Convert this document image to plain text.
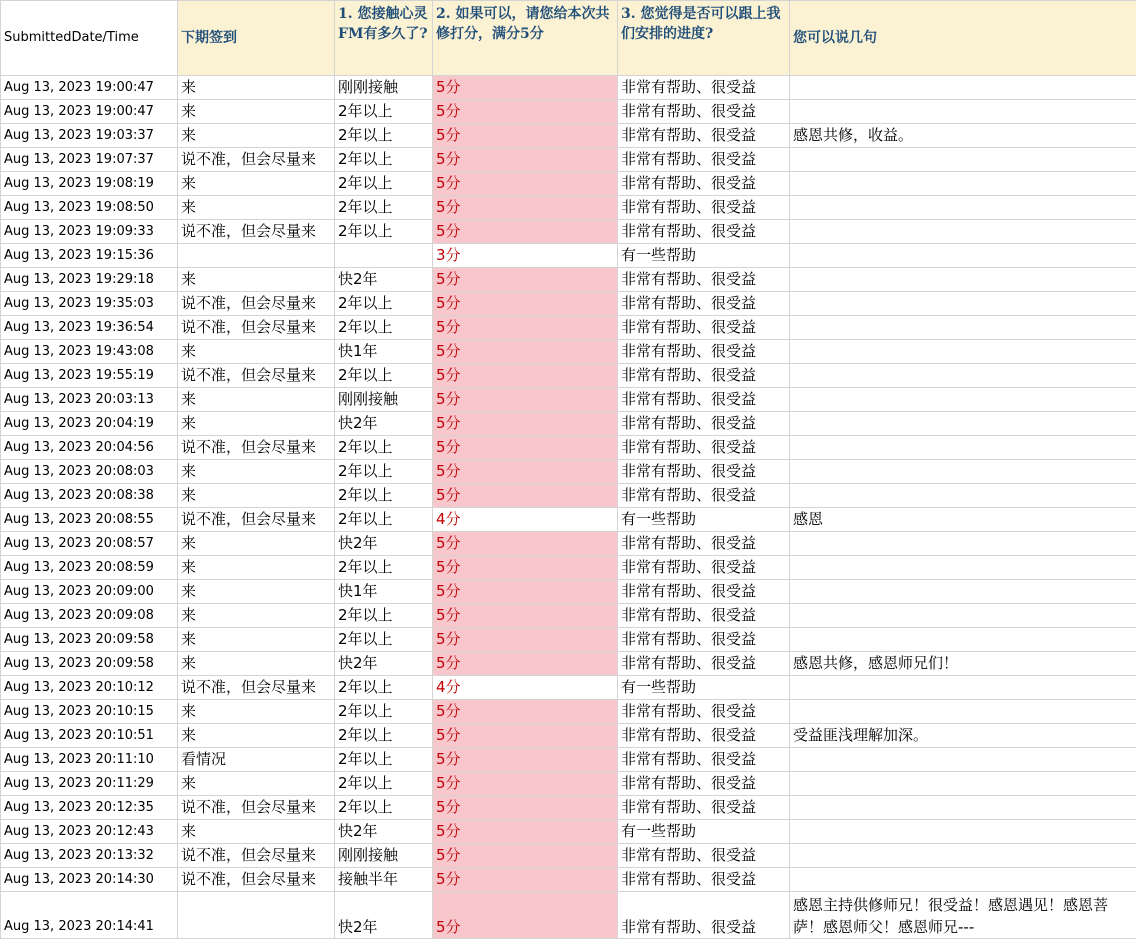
SubmittedDate/Time	下期签到	1. 您接触心灵FM有多久了?	2. 如果可以，请您给本次共修打分，满分5分	3. 您觉得是否可以跟上我们安排的进度?	您可以说几句
Aug 13, 2023 19:00:47	来	刚刚接触	5分	非常有帮助、很受益	
Aug 13, 2023 19:00:47	来	2年以上	5分	非常有帮助、很受益	
Aug 13, 2023 19:03:37	来	2年以上	5分	非常有帮助、很受益	感恩共修，收益。
Aug 13, 2023 19:07:37	说不准，但会尽量来	2年以上	5分	非常有帮助、很受益	
Aug 13, 2023 19:08:19	来	2年以上	5分	非常有帮助、很受益	
Aug 13, 2023 19:08:50	来	2年以上	5分	非常有帮助、很受益	
Aug 13, 2023 19:09:33	说不准，但会尽量来	2年以上	5分	非常有帮助、很受益	
Aug 13, 2023 19:15:36			3分	有一些帮助	
Aug 13, 2023 19:29:18	来	快2年	5分	非常有帮助、很受益	
Aug 13, 2023 19:35:03	说不准，但会尽量来	2年以上	5分	非常有帮助、很受益	
Aug 13, 2023 19:36:54	说不准，但会尽量来	2年以上	5分	非常有帮助、很受益	
Aug 13, 2023 19:43:08	来	快1年	5分	非常有帮助、很受益	
Aug 13, 2023 19:55:19	说不准，但会尽量来	2年以上	5分	非常有帮助、很受益	
Aug 13, 2023 20:03:13	来	刚刚接触	5分	非常有帮助、很受益	
Aug 13, 2023 20:04:19	来	快2年	5分	非常有帮助、很受益	
Aug 13, 2023 20:04:56	说不准，但会尽量来	2年以上	5分	非常有帮助、很受益	
Aug 13, 2023 20:08:03	来	2年以上	5分	非常有帮助、很受益	
Aug 13, 2023 20:08:38	来	2年以上	5分	非常有帮助、很受益	
Aug 13, 2023 20:08:55	说不准，但会尽量来	2年以上	4分	有一些帮助	感恩
Aug 13, 2023 20:08:57	来	快2年	5分	非常有帮助、很受益	
Aug 13, 2023 20:08:59	来	2年以上	5分	非常有帮助、很受益	
Aug 13, 2023 20:09:00	来	快1年	5分	非常有帮助、很受益	
Aug 13, 2023 20:09:08	来	2年以上	5分	非常有帮助、很受益	
Aug 13, 2023 20:09:58	来	2年以上	5分	非常有帮助、很受益	
Aug 13, 2023 20:09:58	来	快2年	5分	非常有帮助、很受益	感恩共修，感恩师兄们！
Aug 13, 2023 20:10:12	说不准，但会尽量来	2年以上	4分	有一些帮助	
Aug 13, 2023 20:10:15	来	2年以上	5分	非常有帮助、很受益	
Aug 13, 2023 20:10:51	来	2年以上	5分	非常有帮助、很受益	受益匪浅理解加深。
Aug 13, 2023 20:11:10	看情况	2年以上	5分	非常有帮助、很受益	
Aug 13, 2023 20:11:29	来	2年以上	5分	非常有帮助、很受益	
Aug 13, 2023 20:12:35	说不准，但会尽量来	2年以上	5分	非常有帮助、很受益	
Aug 13, 2023 20:12:43	来	快2年	5分	有一些帮助	
Aug 13, 2023 20:13:32	说不准，但会尽量来	刚刚接触	5分	非常有帮助、很受益	
Aug 13, 2023 20:14:30	说不准，但会尽量来	接触半年	5分	非常有帮助、很受益	
Aug 13, 2023 20:14:41		快2年	5分	非常有帮助、很受益	感恩主持供修师兄！很受益！感恩遇见！感恩菩萨！感恩师父！感恩师兄---
